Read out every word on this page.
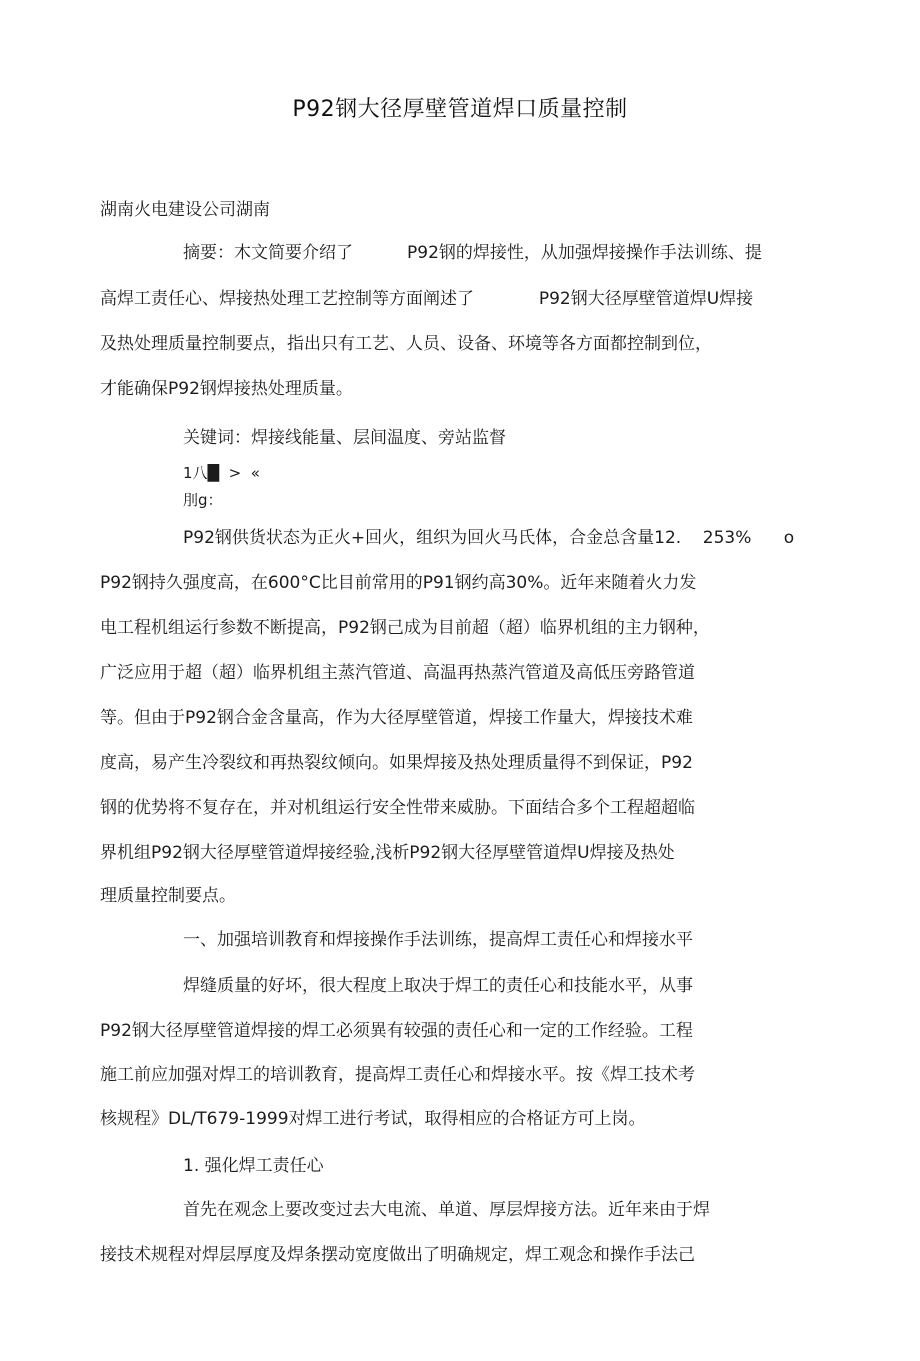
P92钢大径厚壁管道焊口质量控制
湖南火电建设公司湖南
摘要：木文简要介绍了          P92钢的焊接性，从加强焊接操作手法训练、提
高焊工责任心、焊接热处理工艺控制等方面阐述了            P92钢大径厚壁管道焊U焊接
及热处理质量控制要点，指出只有工艺、人员、设备、环境等各方面都控制到位，
才能确保P92钢焊接热处理质量。
关键词：焊接线能量、层间温度、旁站监督
1八█  >  «
刖g：
P92钢供货状态为正火+回火，组织为回火马氏体，合金总含量12.    253%      o
P92钢持久强度高，在600°C比目前常用的P91钢约高30%。近年来随着火力发
电工程机组运行参数不断提高，P92钢己成为目前超（超）临界机组的主力钢种，
广泛应用于超（超）临界机组主蒸汽管道、高温再热蒸汽管道及高低压旁路管道
等。但由于P92钢合金含量高，作为大径厚壁管道，焊接工作量大，焊接技术难
度高，易产生冷裂纹和再热裂纹倾向。如果焊接及热处理质量得不到保证，P92
钢的优势将不复存在，并对机组运行安全性带来威胁。下面结合多个工程超超临
界机组P92钢大径厚壁管道焊接经验,浅析P92钢大径厚壁管道焊U焊接及热处
理质量控制要点。
一、加强培训教育和焊接操作手法训练，提高焊工责任心和焊接水平
焊缝质量的好坏，很大程度上取决于焊工的责任心和技能水平，从事
P92钢大径厚壁管道焊接的焊工必须異有较强的责任心和一定的工作经验。工程
施工前应加强对焊工的培训教育，提高焊工责任心和焊接水平。按《焊工技术考
核规程》DL/T679-1999对焊工进行考试，取得相应的合格证方可上岗。
1. 强化焊工责任心
首先在观念上要改变过去大电流、单道、厚层焊接方法。近年来由于焊
接技术规程对焊层厚度及焊条摆动宽度做出了明确规定，焊工观念和操作手法己
